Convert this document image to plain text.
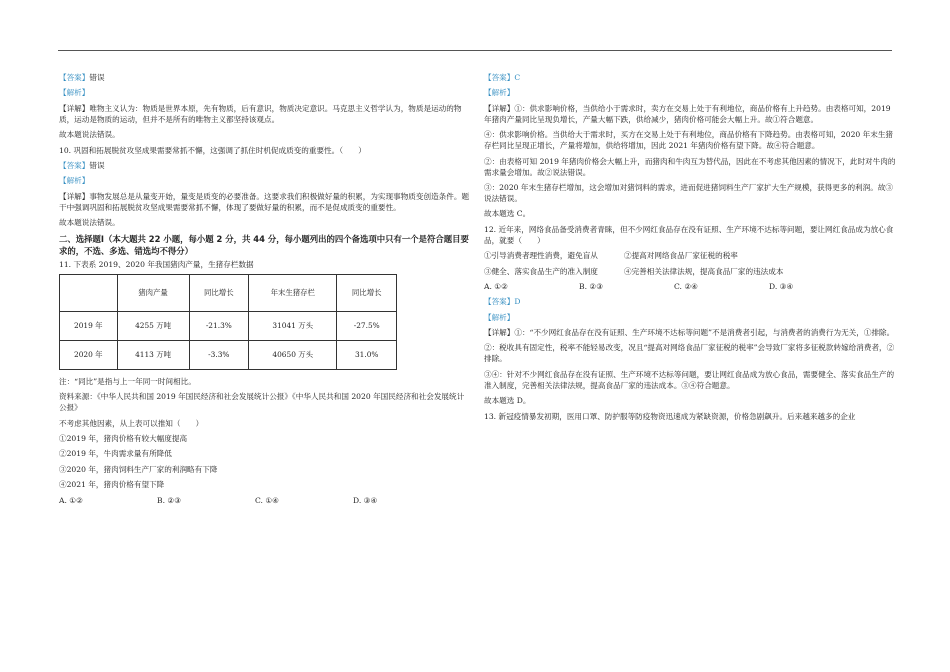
【答案】错误

【解析】

【详解】唯物主义认为：物质是世界本原，先有物质，后有意识，物质决定意识。马克思主义哲学认为，物质是运动的物质，运动是物质的运动，但并不是所有的唯物主义都坚持该观点。

故本题说法错误。

10. 巩固和拓展脱贫攻坚成果需要常抓不懈，这强调了抓住时机促成质变的重要性。（　　）

【答案】错误

【解析】

【详解】事物发展总是从量变开始，量变是质变的必要准备。这要求我们积极做好量的积累，为实现事物质变创造条件。题干中强调巩固和拓展脱贫攻坚成果需要常抓不懈，体现了要做好量的积累，而不是促成质变的重要性。

故本题说法错误。

二、选择题Ⅰ（本大题共 22 小题，每小题 2 分，共 44 分，每小题列出的四个备选项中只有一个是符合题目要求的，不选、多选、错选均不得分）

11. 下表系 2019、2020 年我国猪肉产量，生猪存栏数据

	猪肉产量	同比增长	年末生猪存栏	同比增长
2019 年	4255 万吨	-21.3%	31041 万头	-27.5%
2020 年	4113 万吨	-3.3%	40650 万头	31.0%

注：“同比”是指与上一年同一时间相比。

资料来源：《中华人民共和国 2019 年国民经济和社会发展统计公报》《中华人民共和国 2020 年国民经济和社会发展统计公报》

不考虑其他因素，从上表可以推知（　　）

①2019 年，猪肉价格有较大幅度提高

②2019 年，牛肉需求量有所降低

③2020 年，猪肉饲料生产厂家的利润略有下降

④2021 年，猪肉价格有望下降

A. ①②	B. ②③	C. ①④	D. ③④

【答案】C

【解析】

【详解】①：供求影响价格，当供给小于需求时，卖方在交易上处于有利地位，商品价格有上升趋势。由表格可知，2019 年猪肉产量同比呈现负增长，产量大幅下跌，供给减少，猪肉价格可能会大幅上升。故①符合题意。

④：供求影响价格。当供给大于需求时，买方在交易上处于有利地位，商品价格有下降趋势。由表格可知，2020 年末生猪存栏同比呈现正增长，产量将增加，供给将增加，因此 2021 年猪肉价格有望下降。故④符合题意。

②：由表格可知 2019 年猪肉价格会大幅上升，而猪肉和牛肉互为替代品，因此在不考虑其他因素的情况下，此时对牛肉的需求量会增加。故②说法错误。

③：2020 年末生猪存栏增加，这会增加对猪饲料的需求，进而促进猪饲料生产厂家扩大生产规模，获得更多的利润。故③说法错误。

故本题选 C。

12. 近年来，网络食品备受消费者青睐，但不少网红食品存在没有证照、生产环境不达标等问题，要让网红食品成为放心食品，就要（　　）

①引导消费者理性消费，避免盲从	②提高对网络食品厂家征税的税率
③健全、落实食品生产的准入制度	④完善相关法律法规，提高食品厂家的违法成本
A. ①②	B. ②③	C. ②④	D. ③④

【答案】D

【解析】

【详解】①：“不少网红食品存在没有证照、生产环境不达标等问题”不是消费者引起，与消费者的消费行为无关，①排除。

②：税收具有固定性，税率不能轻易改变，况且“提高对网络食品厂家征税的税率”会导致厂家将多征税款转嫁给消费者，②排除。

③④：针对不少网红食品存在没有证照、生产环境不达标等问题，要让网红食品成为放心食品，需要健全、落实食品生产的准入制度，完善相关法律法规，提高食品厂家的违法成本。③④符合题意。

故本题选 D。

13. 新冠疫情暴发初期，医用口罩、防护服等防疫物资迅速成为紧缺资源，价格急剧飙升。后来越来越多的企业
